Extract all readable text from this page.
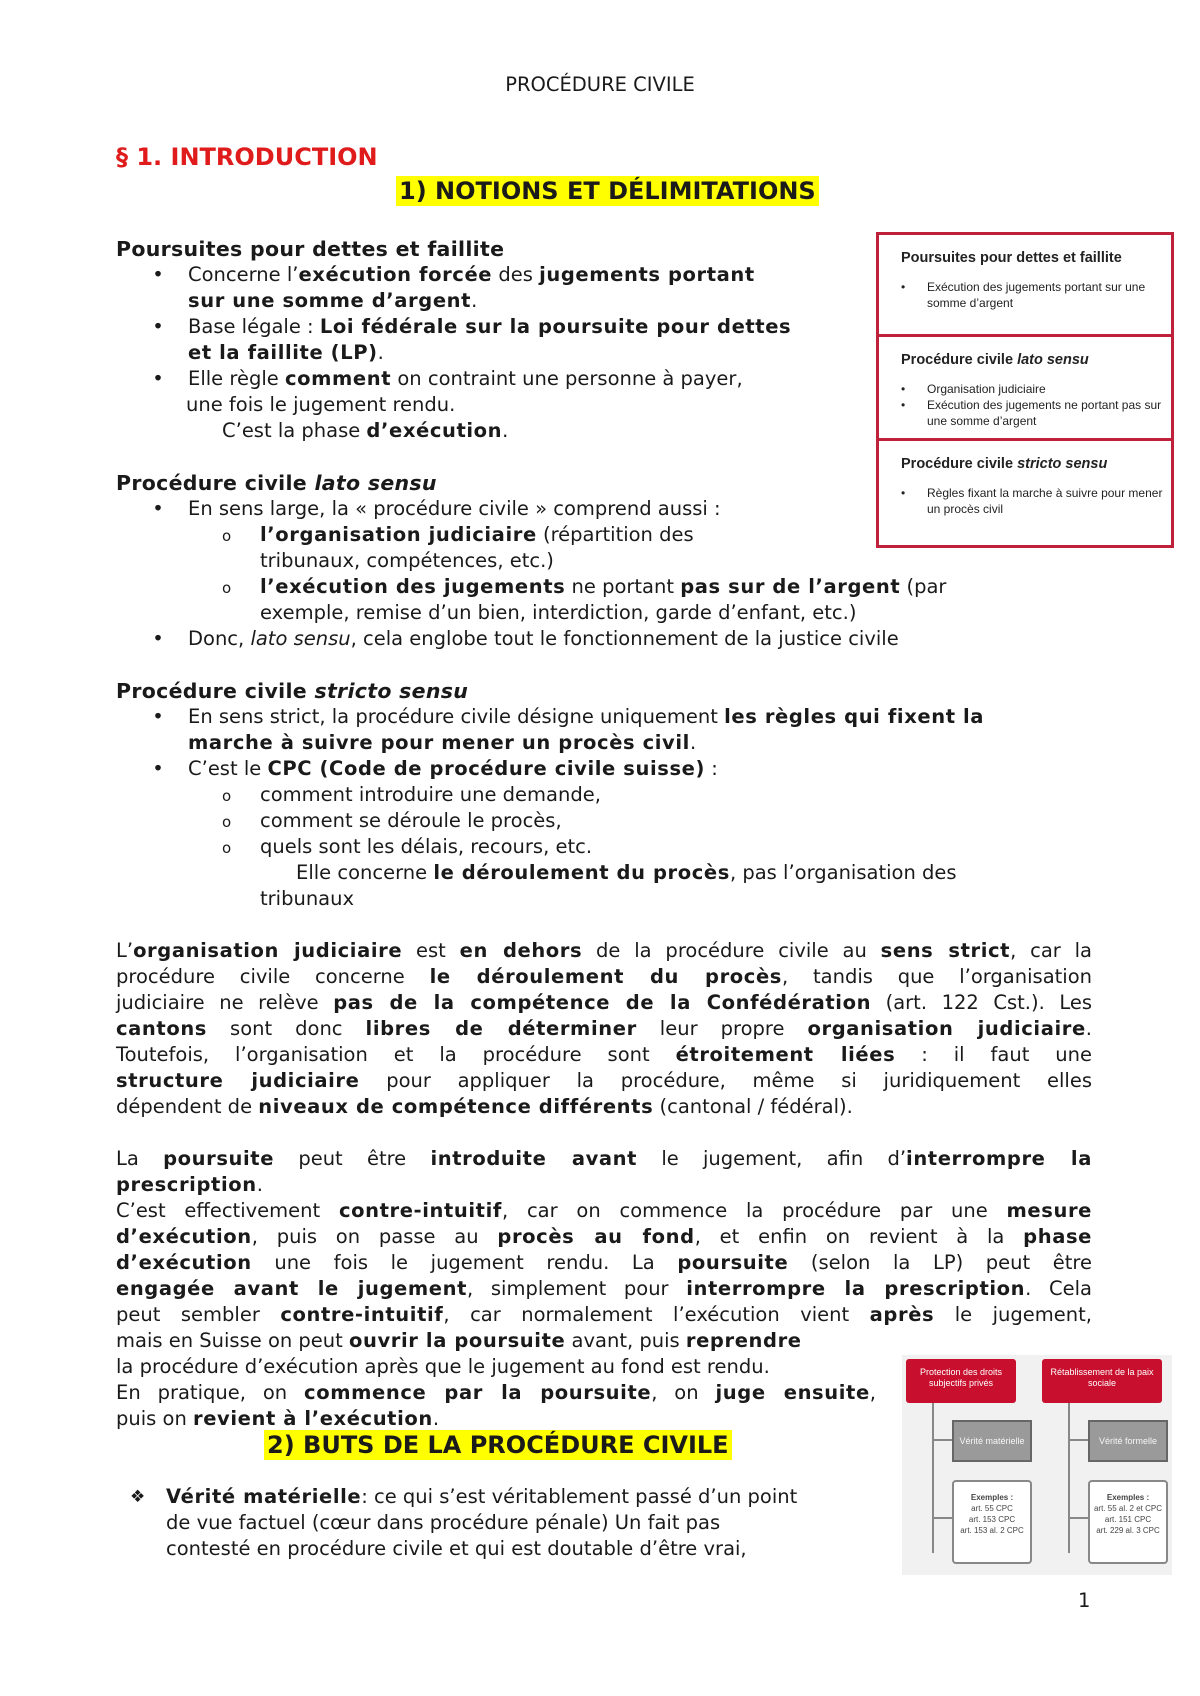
PROCÉDURE CIVILE
§ 1. INTRODUCTION
1) NOTIONS ET DÉLIMITATIONS
Poursuites pour dettes et faillite
• Concerne l’exécution forcée des jugements portant
sur une somme d’argent.
• Base légale : Loi fédérale sur la poursuite pour dettes
et la faillite (LP).
• Elle règle comment on contraint une personne à payer,
une fois le jugement rendu.
C’est la phase d’exécution.
Procédure civile lato sensu
• En sens large, la « procédure civile » comprend aussi :
o l’organisation judiciaire (répartition des
tribunaux, compétences, etc.)
o l’exécution des jugements ne portant pas sur de l’argent (par
exemple, remise d’un bien, interdiction, garde d’enfant, etc.)
• Donc, lato sensu, cela englobe tout le fonctionnement de la justice civile
Procédure civile stricto sensu
• En sens strict, la procédure civile désigne uniquement les règles qui fixent la
marche à suivre pour mener un procès civil.
• C’est le CPC (Code de procédure civile suisse) :
o comment introduire une demande,
o comment se déroule le procès,
o quels sont les délais, recours, etc.
Elle concerne le déroulement du procès, pas l’organisation des
tribunaux
L’organisation judiciaire est en dehors de la procédure civile au sens strict, car la
procédure civile concerne le déroulement du procès, tandis que l’organisation
judiciaire ne relève pas de la compétence de la Confédération (art. 122 Cst.). Les
cantons sont donc libres de déterminer leur propre organisation judiciaire.
Toutefois, l’organisation et la procédure sont étroitement liées : il faut une
structure judiciaire pour appliquer la procédure, même si juridiquement elles
dépendent de niveaux de compétence différents (cantonal / fédéral).
La poursuite peut être introduite avant le jugement, afin d’interrompre la
prescription.
C’est effectivement contre-intuitif, car on commence la procédure par une mesure
d’exécution, puis on passe au procès au fond, et enfin on revient à la phase
d’exécution une fois le jugement rendu. La poursuite (selon la LP) peut être
engagée avant le jugement, simplement pour interrompre la prescription. Cela
peut sembler contre-intuitif, car normalement l’exécution vient après le jugement,
mais en Suisse on peut ouvrir la poursuite avant, puis reprendre
la procédure d’exécution après que le jugement au fond est rendu.
En pratique, on commence par la poursuite, on juge ensuite,
puis on revient à l’exécution.
2) BUTS DE LA PROCÉDURE CIVILE
❖ Vérité matérielle: ce qui s’est véritablement passé d’un point
de vue factuel (cœur dans procédure pénale) Un fait pas
contesté en procédure civile et qui est doutable d’être vrai,
Poursuites pour dettes et faillite
• Exécution des jugements portant sur une somme d’argent
Procédure civile lato sensu
• Organisation judiciaire
• Exécution des jugements ne portant pas sur une somme d’argent
Procédure civile stricto sensu
• Règles fixant la marche à suivre pour mener un procès civil
Protection des droits subjectifs privés
Rétablissement de la paix sociale
Vérité matérielle	Vérité formelle
Exemples :
art. 55 CPC
art. 153 CPC
art. 153 al. 2 CPC
Exemples :
art. 55 al. 2 et CPC
art. 151 CPC
art. 229 al. 3 CPC
1
